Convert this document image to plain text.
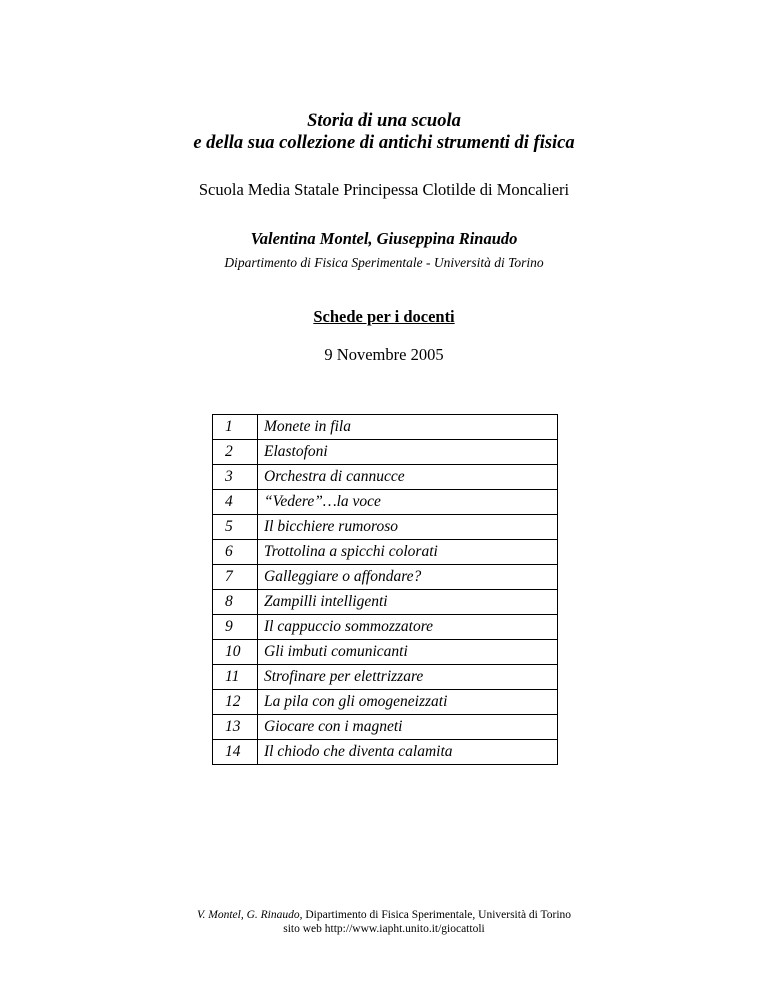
Storia di una scuola
e della sua collezione di antichi strumenti di fisica
Scuola Media Statale Principessa Clotilde di Moncalieri
Valentina Montel, Giuseppina Rinaudo
Dipartimento di Fisica Sperimentale - Università di Torino
Schede per i docenti
9 Novembre 2005
1	Monete in fila
2	Elastofoni
3	Orchestra di cannucce
4	“Vedere”…la voce
5	Il bicchiere rumoroso
6	Trottolina a spicchi colorati
7	Galleggiare o affondare?
8	Zampilli intelligenti
9	Il cappuccio sommozzatore
10	Gli imbuti comunicanti
11	Strofinare per elettrizzare
12	La pila con gli omogeneizzati
13	Giocare con i magneti
14	Il chiodo che diventa calamita
V. Montel, G. Rinaudo, Dipartimento di Fisica Sperimentale, Università di Torino
sito web http://www.iapht.unito.it/giocattoli
